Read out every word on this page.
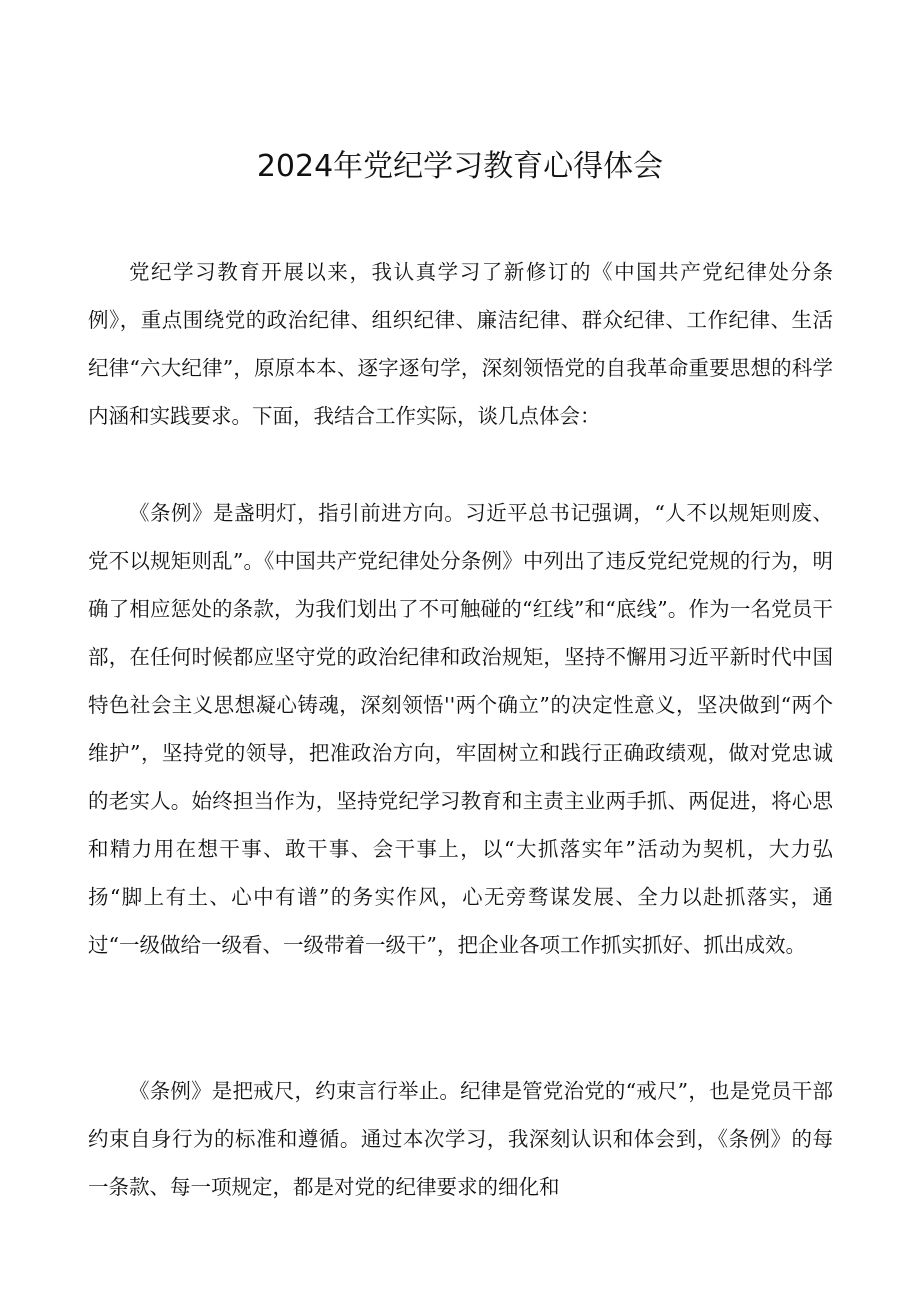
2024年党纪学习教育心得体会

党纪学习教育开展以来，我认真学习了新修订的《中国共产党纪律处分条例》，重点围绕党的政治纪律、组织纪律、廉洁纪律、群众纪律、工作纪律、生活纪律“六大纪律”，原原本本、逐字逐句学，深刻领悟党的自我革命重要思想的科学内涵和实践要求。下面，我结合工作实际，谈几点体会：

《条例》是盏明灯，指引前进方向。习近平总书记强调，“人不以规矩则废、党不以规矩则乱”。《中国共产党纪律处分条例》中列出了违反党纪党规的行为，明确了相应惩处的条款，为我们划出了不可触碰的“红线”和“底线”。作为一名党员干部，在任何时候都应坚守党的政治纪律和政治规矩，坚持不懈用习近平新时代中国特色社会主义思想凝心铸魂，深刻领悟''两个确立”的决定性意义，坚决做到“两个维护”，坚持党的领导，把准政治方向，牢固树立和践行正确政绩观，做对党忠诚的老实人。始终担当作为，坚持党纪学习教育和主责主业两手抓、两促进，将心思和精力用在想干事、敢干事、会干事上，以“大抓落实年”活动为契机，大力弘扬“脚上有土、心中有谱”的务实作风，心无旁骛谋发展、全力以赴抓落实，通过“一级做给一级看、一级带着一级干”，把企业各项工作抓实抓好、抓出成效。

《条例》是把戒尺，约束言行举止。纪律是管党治党的“戒尺”，也是党员干部约束自身行为的标准和遵循。通过本次学习，我深刻认识和体会到，《条例》的每一条款、每一项规定，都是对党的纪律要求的细化和
